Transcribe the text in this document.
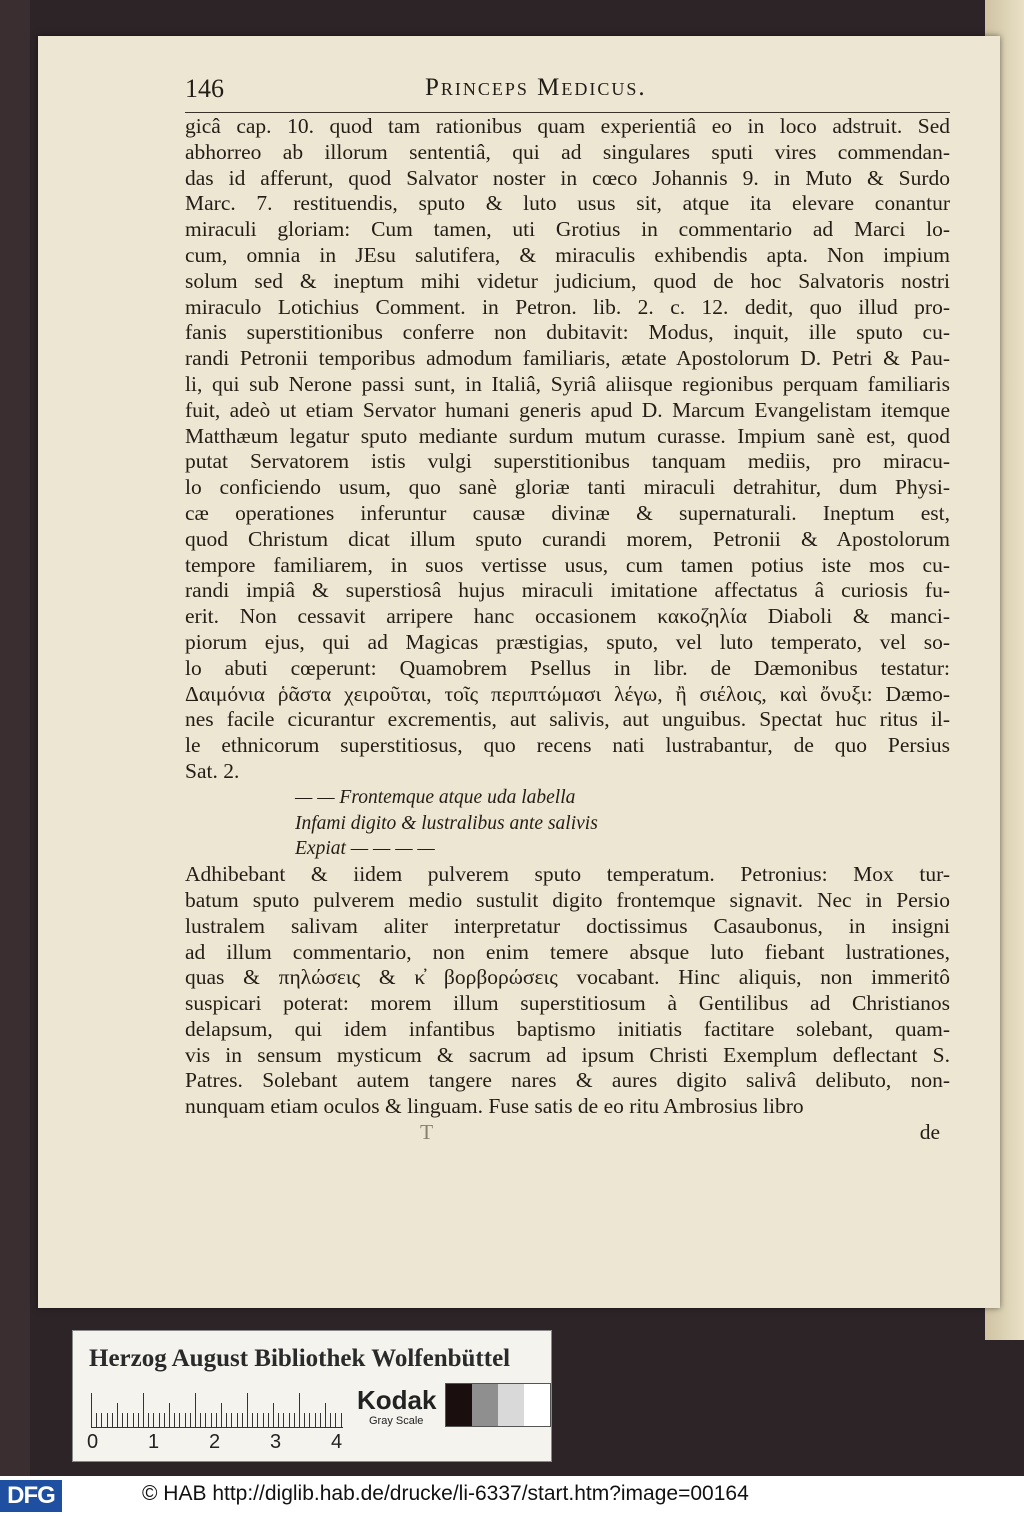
146	Princeps Medicus.
gicâ cap. 10. quod tam rationibus quam experientiâ eo in loco adstruit. Sed
abhorreo ab illorum sententiâ, qui ad singulares sputi vires commendan-
das id afferunt, quod Salvator noster in cœco Johannis 9. in Muto & Surdo
Marc. 7. restituendis, sputo & luto usus sit, atque ita elevare conantur
miraculi gloriam: Cum tamen, uti Grotius in commentario ad Marci lo-
cum, omnia in JEsu salutifera, & miraculis exhibendis apta. Non impium
solum sed & ineptum mihi videtur judicium, quod de hoc Salvatoris nostri
miraculo Lotichius Comment. in Petron. lib. 2. c. 12. dedit, quo illud pro-
fanis superstitionibus conferre non dubitavit: Modus, inquit, ille sputo cu-
randi Petronii temporibus admodum familiaris, ætate Apostolorum D. Petri & Pau-
li, qui sub Nerone passi sunt, in Italiâ, Syriâ aliisque regionibus perquam familiaris
fuit, adeò ut etiam Servator humani generis apud D. Marcum Evangelistam itemque
Matthæum legatur sputo mediante surdum mutum curasse. Impium sanè est, quod
putat Servatorem istis vulgi superstitionibus tanquam mediis, pro miracu-
lo conficiendo usum, quo sanè gloriæ tanti miraculi detrahitur, dum Physi-
cæ operationes inferuntur causæ divinæ & supernaturali. Ineptum est,
quod Christum dicat illum sputo curandi morem, Petronii & Apostolorum
tempore familiarem, in suos vertisse usus, cum tamen potius iste mos cu-
randi impiâ & superstiosâ hujus miraculi imitatione affectatus â curiosis fu-
erit. Non cessavit arripere hanc occasionem κακοζηλία Diaboli & manci-
piorum ejus, qui ad Magicas præstigias, sputo, vel luto temperato, vel so-
lo abuti cœperunt: Quamobrem Psellus in libr. de Dæmonibus testatur:
Δαιμόνια ῥᾶστα χειροῦται, τοῖς περιπτώμασι λέγω, ἢ σιέλοις, καὶ ὄνυξι: Dæmo-
nes facile cicurantur excrementis, aut salivis, aut unguibus. Spectat huc ritus il-
le ethnicorum superstitiosus, quo recens nati lustrabantur, de quo Persius
Sat. 2.
— — Frontemque atque uda labella
Infami digito & lustralibus ante salivis
Expiat — — — —
Adhibebant & iidem pulverem sputo temperatum. Petronius: Mox tur-
batum sputo pulverem medio sustulit digito frontemque signavit. Nec in Persio
lustralem salivam aliter interpretatur doctissimus Casaubonus, in insigni
ad illum commentario, non enim temere absque luto fiebant lustrationes,
quas & πηλώσεις & κ̓ βορβορώσεις vocabant. Hinc aliquis, non immeritô
suspicari poterat: morem illum superstitiosum à Gentilibus ad Christianos
delapsum, qui idem infantibus baptismo initiatis factitare solebant, quam-
vis in sensum mysticum & sacrum ad ipsum Christi Exemplum deflectant S.
Patres. Solebant autem tangere nares & aures digito salivâ delibuto, non-
nunquam etiam oculos & linguam. Fuse satis de eo ritu Ambrosius libro
T	de
Herzog August Bibliothek Wolfenbüttel
0 1 2 3 4
Kodak
Gray Scale
DFG	© HAB http://diglib.hab.de/drucke/li-6337/start.htm?image=00164
